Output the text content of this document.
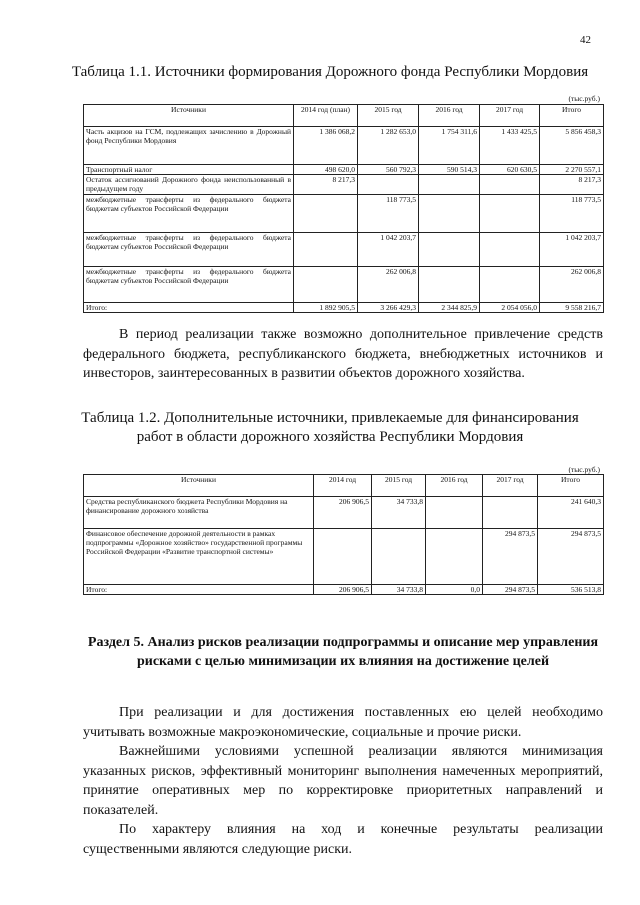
42
Таблица 1.1. Источники формирования Дорожного фонда Республики Мордовия
(тыс.руб.)
Источники	2014 год (план)	2015 год	2016 год	2017 год	Итого
Часть акцизов на ГСМ, подлежащих зачислению в Дорожный фонд Республики Мордовия	1 386 068,2	1 282 653,0	1 754 311,6	1 433 425,5	5 856 458,3
Транспортный налог	498 620,0	560 792,3	590 514,3	620 630,5	2 270 557,1
Остаток ассигнований Дорожного фонда неиспользованный в предыдущем году	8 217,3				8 217,3
межбюджетные трансферты из федерального бюджета бюджетам субъектов Российской Федерации		118 773,5			118 773,5
межбюджетные трансферты из федерального бюджета бюджетам субъектов Российской Федерации		1 042 203,7			1 042 203,7
межбюджетные трансферты из федерального бюджета бюджетам субъектов Российской Федерации		262 006,8			262 006,8
Итого:	1 892 905,5	3 266 429,3	2 344 825,9	2 054 056,0	9 558 216,7
В период реализации также возможно дополнительное привлечение средств федерального бюджета, республиканского бюджета, внебюджетных источников и инвесторов, заинтересованных в развитии объектов дорожного хозяйства.
Таблица 1.2. Дополнительные источники, привлекаемые для финансирования
работ в области дорожного хозяйства Республики Мордовия
(тыс.руб.)
Источники	2014 год	2015 год	2016 год	2017 год	Итого
Средства республиканского бюджета Республики Мордовия на финансирование дорожного хозяйства	206 906,5	34 733,8			241 640,3
Финансовое обеспечение дорожной деятельности в рамках подпрограммы «Дорожное хозяйство» государственной программы Российской Федерации «Развитие транспортной системы»				294 873,5	294 873,5
Итого:	206 906,5	34 733,8	0,0	294 873,5	536 513,8
Раздел 5. Анализ рисков реализации подпрограммы и описание мер управления рисками с целью минимизации их влияния на достижение целей
При реализации и для достижения поставленных ею целей необходимо учитывать возможные макроэкономические, социальные и прочие риски.
Важнейшими условиями успешной реализации являются минимизация указанных рисков, эффективный мониторинг выполнения намеченных мероприятий, принятие оперативных мер по корректировке приоритетных направлений и показателей.
По характеру влияния на ход и конечные результаты реализации существенными являются следующие риски.
